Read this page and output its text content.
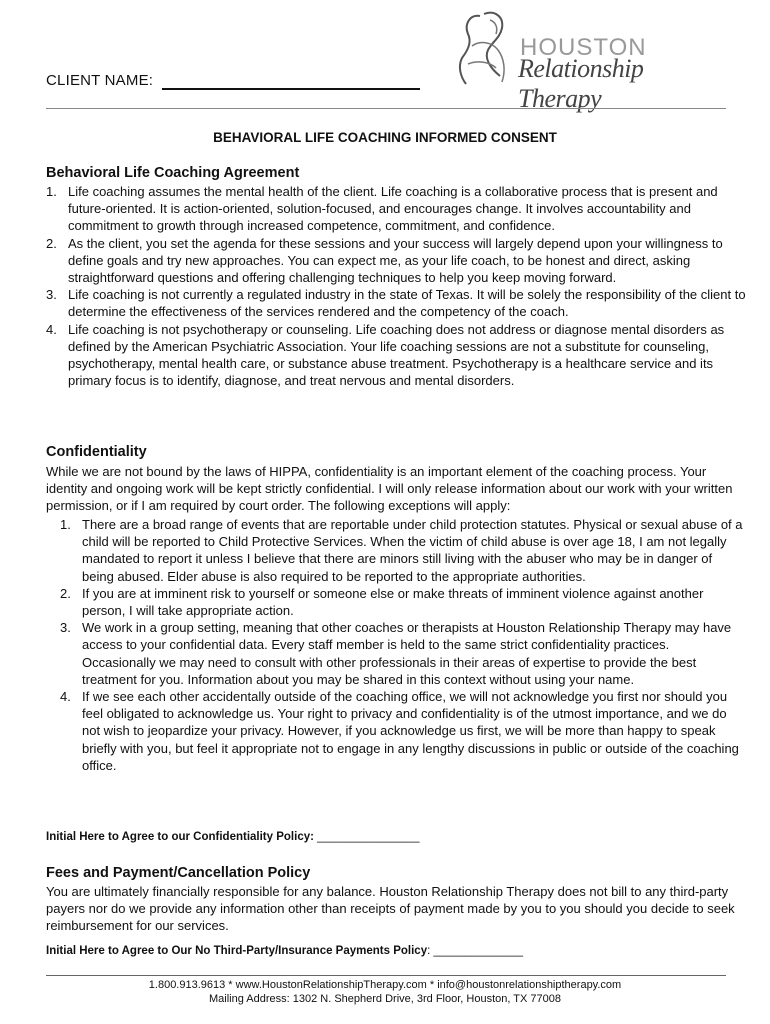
CLIENT NAME:
HOUSTON
Relationship Therapy
BEHAVIORAL LIFE COACHING INFORMED CONSENT
Behavioral Life Coaching Agreement
1. Life coaching assumes the mental health of the client. Life coaching is a collaborative process that is present and future-oriented. It is action-oriented, solution-focused, and encourages change. It involves accountability and commitment to growth through increased competence, commitment, and confidence.
2. As the client, you set the agenda for these sessions and your success will largely depend upon your willingness to define goals and try new approaches. You can expect me, as your life coach, to be honest and direct, asking straightforward questions and offering challenging techniques to help you keep moving forward.
3. Life coaching is not currently a regulated industry in the state of Texas. It will be solely the responsibility of the client to determine the effectiveness of the services rendered and the competency of the coach.
4. Life coaching is not psychotherapy or counseling. Life coaching does not address or diagnose mental disorders as defined by the American Psychiatric Association. Your life coaching sessions are not a substitute for counseling, psychotherapy, mental health care, or substance abuse treatment. Psychotherapy is a healthcare service and its primary focus is to identify, diagnose, and treat nervous and mental disorders.
Confidentiality

While we are not bound by the laws of HIPPA, confidentiality is an important element of the coaching process. Your identity and ongoing work will be kept strictly confidential. I will only release information about our work with your written permission, or if I am required by court order. The following exceptions will apply:

1. There are a broad range of events that are reportable under child protection statutes. Physical or sexual abuse of a child will be reported to Child Protective Services. When the victim of child abuse is over age 18, I am not legally mandated to report it unless I believe that there are minors still living with the abuser who may be in danger of being abused. Elder abuse is also required to be reported to the appropriate authorities.
2. If you are at imminent risk to yourself or someone else or make threats of imminent violence against another person, I will take appropriate action.
3. We work in a group setting, meaning that other coaches or therapists at Houston Relationship Therapy may have access to your confidential data. Every staff member is held to the same strict confidentiality practices. Occasionally we may need to consult with other professionals in their areas of expertise to provide the best treatment for you. Information about you may be shared in this context without using your name.
4. If we see each other accidentally outside of the coaching office, we will not acknowledge you first nor should you feel obligated to acknowledge us. Your right to privacy and confidentiality is of the utmost importance, and we do not wish to jeopardize your privacy. However, if you acknowledge us first, we will be more than happy to speak briefly with you, but feel it appropriate not to engage in any lengthy discussions in public or outside of the coaching office.
Initial Here to Agree to our Confidentiality Policy: ________________
Fees and Payment/Cancellation Policy

You are ultimately financially responsible for any balance. Houston Relationship Therapy does not bill to any third-party payers nor do we provide any information other than receipts of payment made by you to you should you decide to seek reimbursement for our services.

Initial Here to Agree to Our No Third-Party/Insurance Payments Policy: ______________
1.800.913.9613 * www.HoustonRelationshipTherapy.com * info@houstonrelationshiptherapy.com
Mailing Address: 1302 N. Shepherd Drive, 3rd Floor, Houston, TX 77008
